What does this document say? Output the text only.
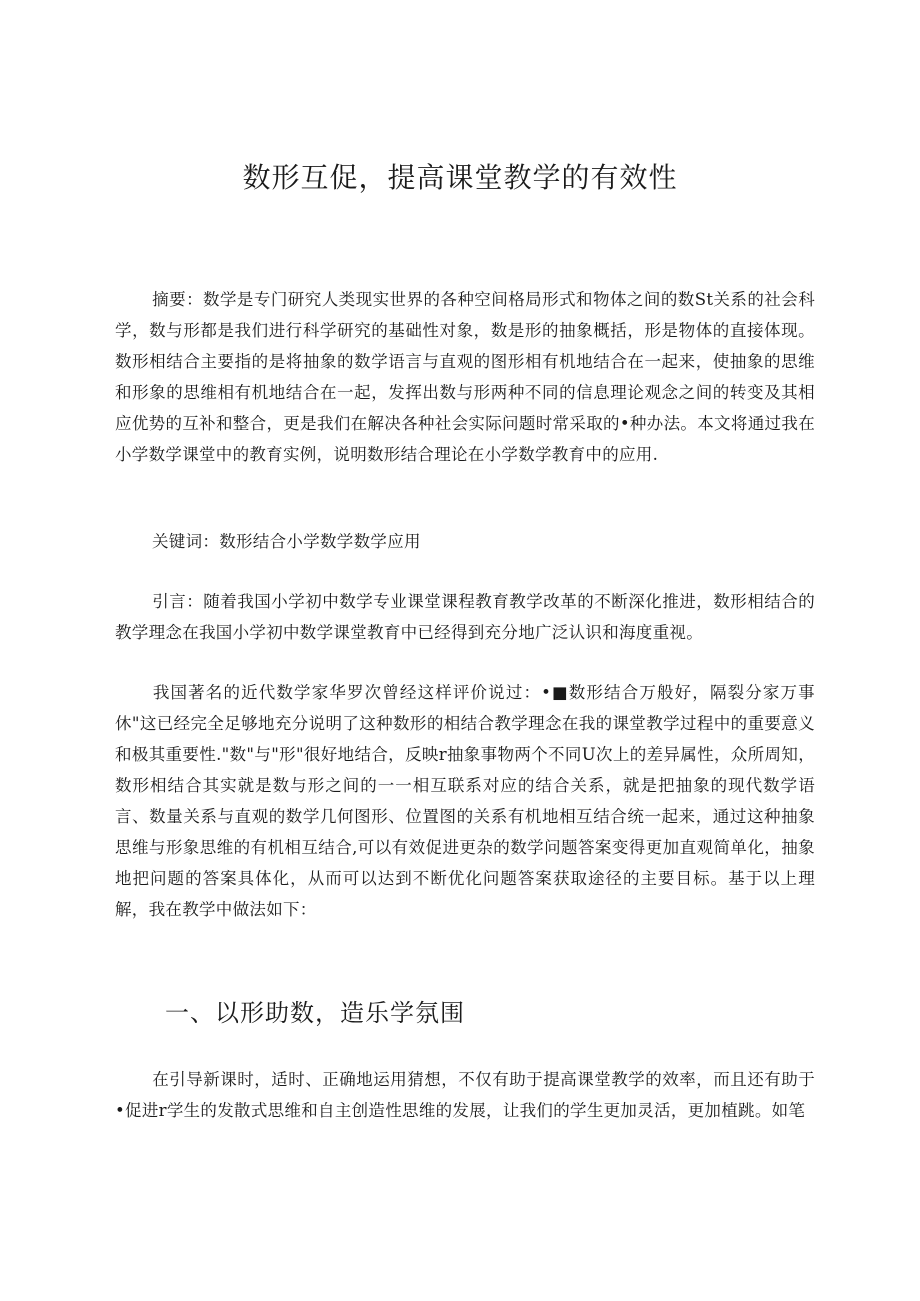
数形互促，提高课堂教学的有效性

摘要：数学是专门研究人类现实世界的各种空间格局形式和物体之间的数St关系的社会科学，数与形都是我们进行科学研究的基础性对象，数是形的抽象概括，形是物体的直接体现。数形相结合主要指的是将抽象的数学语言与直观的图形相有机地结合在一起来，使抽象的思维和形象的思维相有机地结合在一起，发挥出数与形两种不同的信息理论观念之间的转变及其相应优势的互补和整合，更是我们在解决各种社会实际问题时常采取的•种办法。本文将通过我在小学数学课堂中的教育实例，说明数形结合理论在小学数学教育中的应用.

关键词：数形结合小学数学数学应用

引言：随着我国小学初中数学专业课堂课程教育教学改革的不断深化推进，数形相结合的教学理念在我国小学初中数学课堂教育中已经得到充分地广泛认识和海度重视。

我国著名的近代数学家华罗次曾经这样评价说过：•■数形结合万般好，隔裂分家万事休"这已经完全足够地充分说明了这种数形的相结合教学理念在我的课堂教学过程中的重要意义和极其重要性."数"与"形"很好地结合，反映r抽象事物两个不同U次上的差异属性，众所周知，数形相结合其实就是数与形之间的一一相互联系对应的结合关系，就是把抽象的现代数学语言、数量关系与直观的数学几何图形、位置图的关系有机地相互结合统一起来，通过这种抽象思维与形象思维的有机相互结合,可以有效促进更杂的数学问题答案变得更加直观简单化，抽象地把问题的答案具体化，从而可以达到不断优化问题答案获取途径的主要目标。基于以上理解，我在教学中做法如下：

一、以形助数，造乐学氛围

在引导新课时，适时、正确地运用猜想，不仅有助于提高课堂教学的效率，而且还有助于•促进r学生的发散式思维和自主创造性思维的发展，让我们的学生更加灵活，更加植跳。如笔
